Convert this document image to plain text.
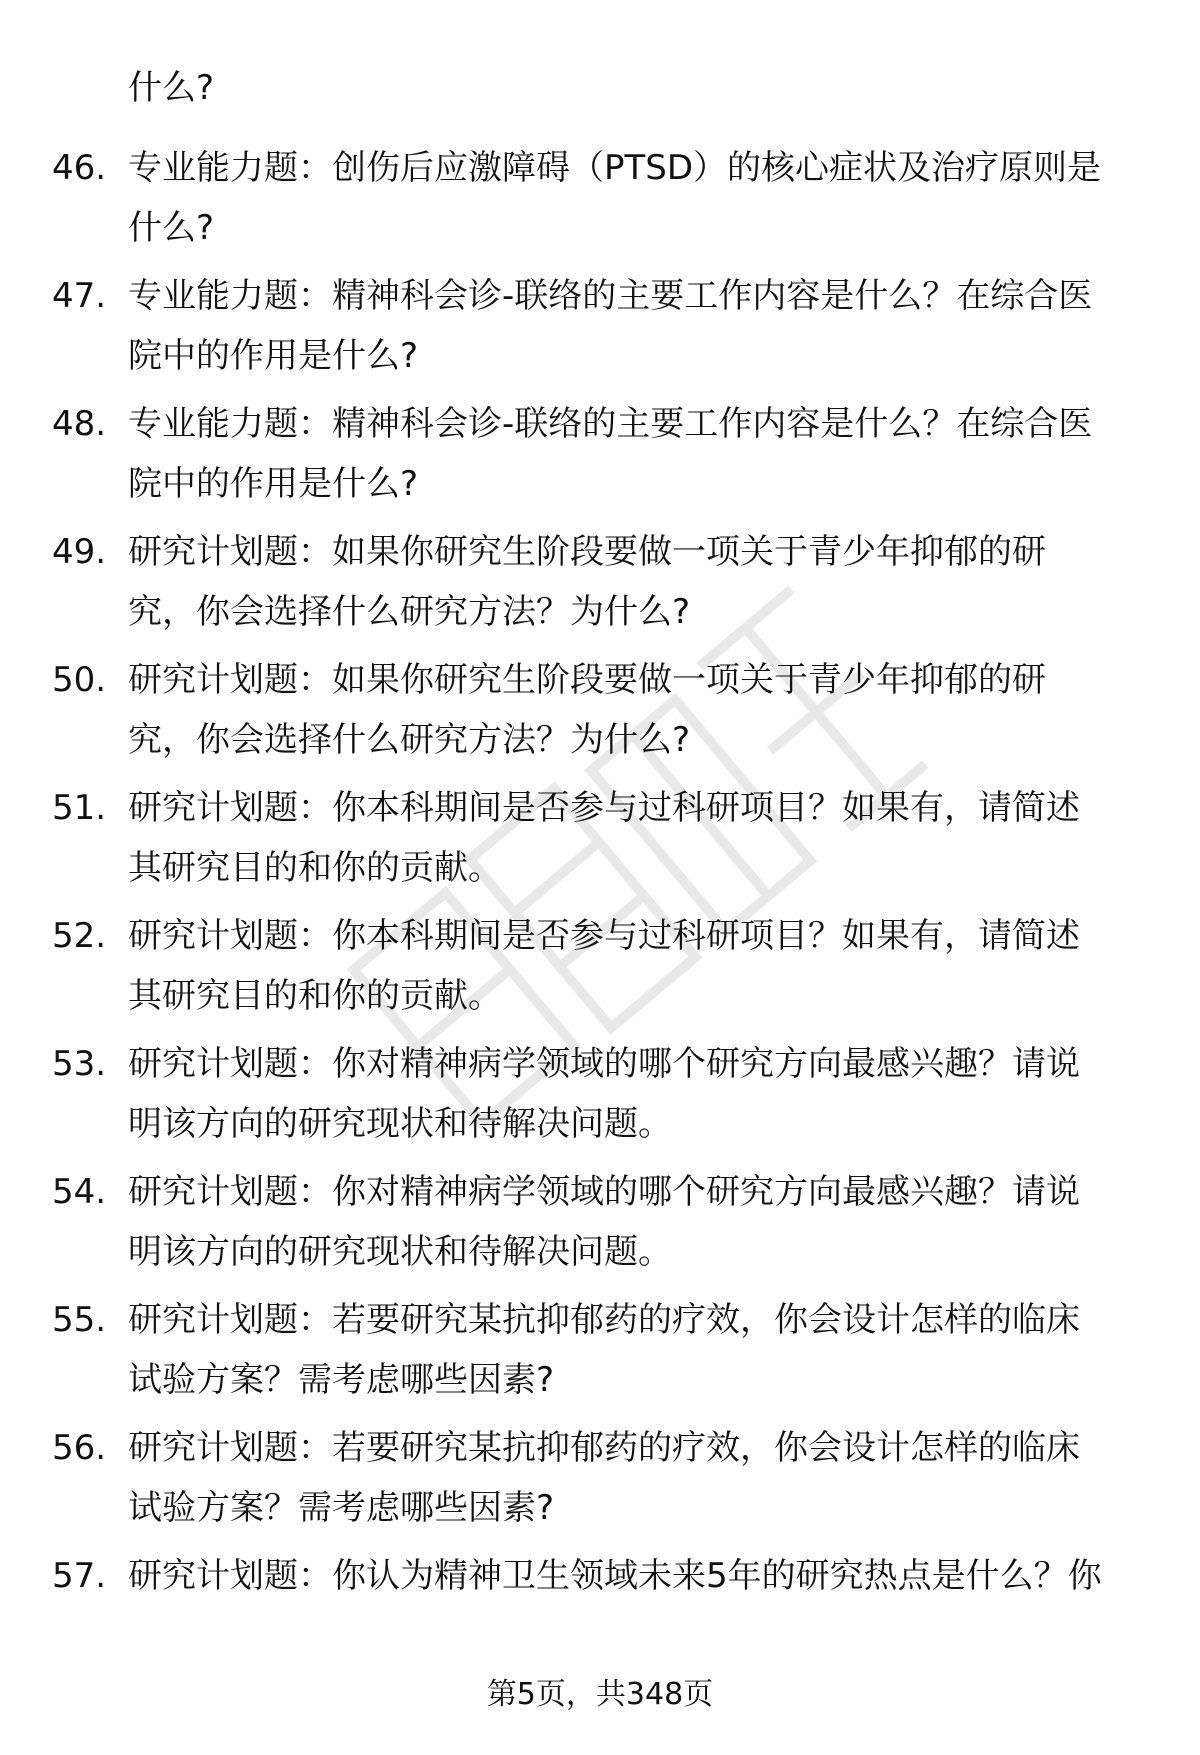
什么?
46. 专业能力题：创伤后应激障碍（PTSD）的核心症状及治疗原则是
什么?
47. 专业能力题：精神科会诊-联络的主要工作内容是什么？在综合医
院中的作用是什么?
48. 专业能力题：精神科会诊-联络的主要工作内容是什么？在综合医
院中的作用是什么?
49. 研究计划题：如果你研究生阶段要做一项关于青少年抑郁的研
究，你会选择什么研究方法？为什么?
50. 研究计划题：如果你研究生阶段要做一项关于青少年抑郁的研
究，你会选择什么研究方法？为什么?
51. 研究计划题：你本科期间是否参与过科研项目？如果有，请简述
其研究目的和你的贡献。
52. 研究计划题：你本科期间是否参与过科研项目？如果有，请简述
其研究目的和你的贡献。
53. 研究计划题：你对精神病学领域的哪个研究方向最感兴趣？请说
明该方向的研究现状和待解决问题。
54. 研究计划题：你对精神病学领域的哪个研究方向最感兴趣？请说
明该方向的研究现状和待解决问题。
55. 研究计划题：若要研究某抗抑郁药的疗效，你会设计怎样的临床
试验方案？需考虑哪些因素?
56. 研究计划题：若要研究某抗抑郁药的疗效，你会设计怎样的临床
试验方案？需考虑哪些因素?
57. 研究计划题：你认为精神卫生领域未来5年的研究热点是什么？你
第5页，共348页
